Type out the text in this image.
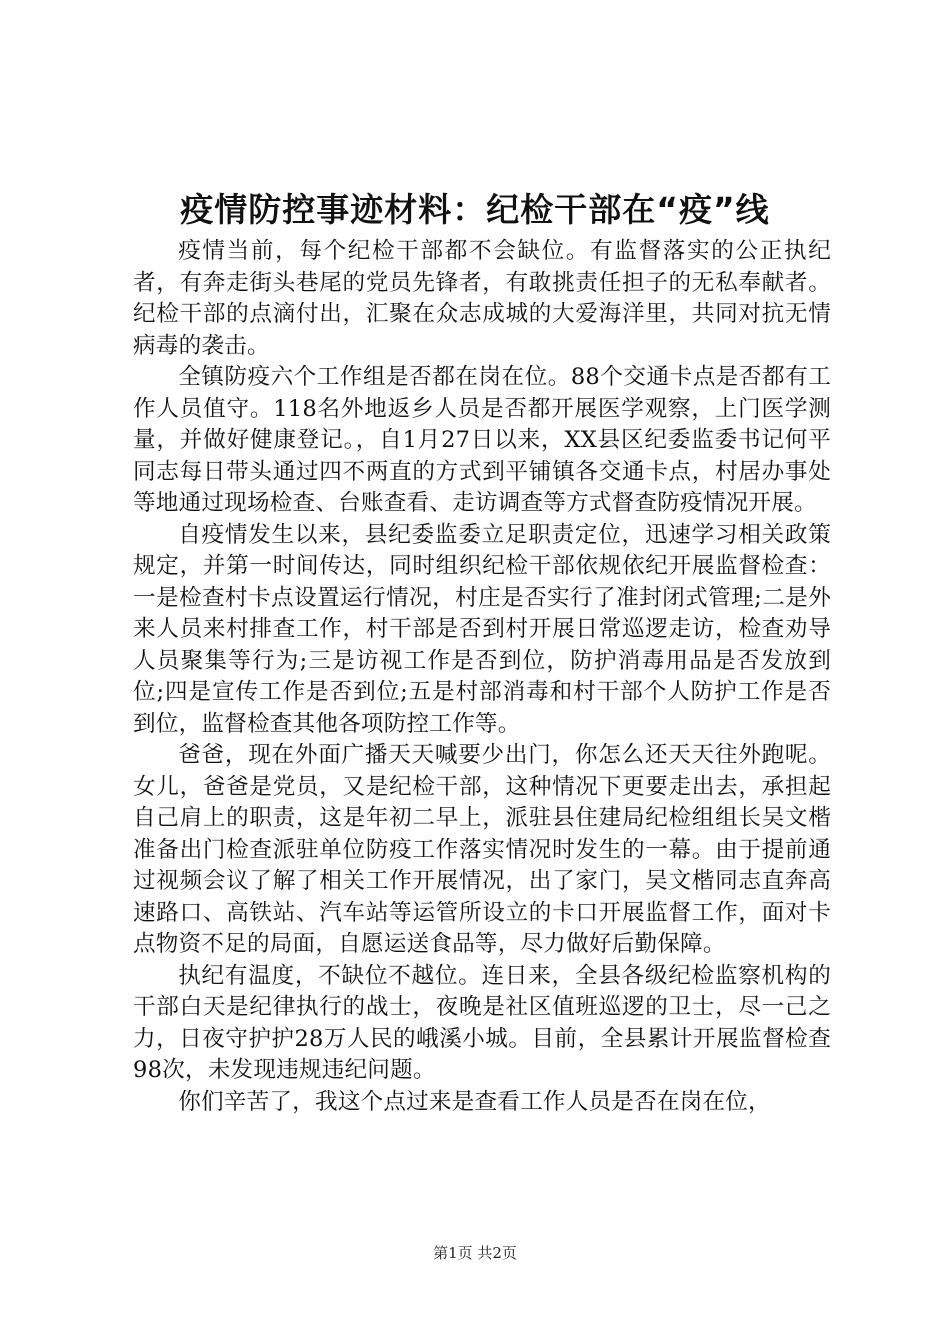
疫情防控事迹材料：纪检干部在“疫”线

疫情当前，每个纪检干部都不会缺位。有监督落实的公正执纪者，有奔走街头巷尾的党员先锋者，有敢挑责任担子的无私奉献者。纪检干部的点滴付出，汇聚在众志成城的大爱海洋里，共同对抗无情病毒的袭击。

全镇防疫六个工作组是否都在岗在位。88个交通卡点是否都有工作人员值守。118名外地返乡人员是否都开展医学观察，上门医学测量，并做好健康登记。，自1月27日以来，XX县区纪委监委书记何平同志每日带头通过四不两直的方式到平铺镇各交通卡点，村居办事处等地通过现场检查、台账查看、走访调查等方式督查防疫情况开展。

自疫情发生以来，县纪委监委立足职责定位，迅速学习相关政策规定，并第一时间传达，同时组织纪检干部依规依纪开展监督检查：一是检查村卡点设置运行情况，村庄是否实行了准封闭式管理;二是外来人员来村排查工作，村干部是否到村开展日常巡逻走访，检查劝导人员聚集等行为;三是访视工作是否到位，防护消毒用品是否发放到位;四是宣传工作是否到位;五是村部消毒和村干部个人防护工作是否到位，监督检查其他各项防控工作等。

爸爸，现在外面广播天天喊要少出门，你怎么还天天往外跑呢。女儿，爸爸是党员，又是纪检干部，这种情况下更要走出去，承担起自己肩上的职责，这是年初二早上，派驻县住建局纪检组组长吴文楷准备出门检查派驻单位防疫工作落实情况时发生的一幕。由于提前通过视频会议了解了相关工作开展情况，出了家门，吴文楷同志直奔高速路口、高铁站、汽车站等运管所设立的卡口开展监督工作，面对卡点物资不足的局面，自愿运送食品等，尽力做好后勤保障。

执纪有温度，不缺位不越位。连日来，全县各级纪检监察机构的干部白天是纪律执行的战士，夜晚是社区值班巡逻的卫士，尽一己之力，日夜守护护28万人民的峨溪小城。目前，全县累计开展监督检查98次，未发现违规违纪问题。

你们辛苦了，我这个点过来是查看工作人员是否在岗在位，

第1页 共2页
